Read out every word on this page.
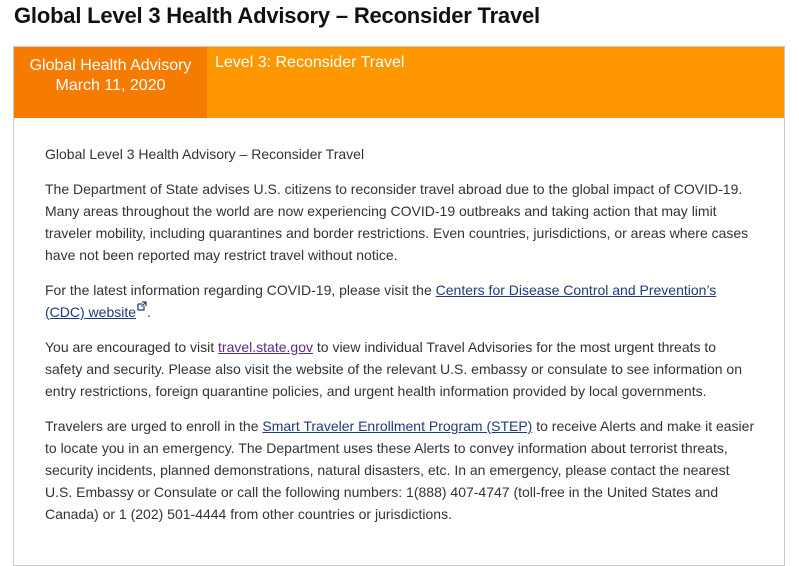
Global Level 3 Health Advisory – Reconsider Travel
Global Health Advisory
March 11, 2020
Level 3: Reconsider Travel

Global Level 3 Health Advisory – Reconsider Travel

The Department of State advises U.S. citizens to reconsider travel abroad due to the global impact of COVID-19. Many areas throughout the world are now experiencing COVID-19 outbreaks and taking action that may limit traveler mobility, including quarantines and border restrictions. Even countries, jurisdictions, or areas where cases have not been reported may restrict travel without notice.

For the latest information regarding COVID-19, please visit the Centers for Disease Control and Prevention’s (CDC) website .

You are encouraged to visit travel.state.gov to view individual Travel Advisories for the most urgent threats to safety and security. Please also visit the website of the relevant U.S. embassy or consulate to see information on entry restrictions, foreign quarantine policies, and urgent health information provided by local governments.

Travelers are urged to enroll in the Smart Traveler Enrollment Program (STEP) to receive Alerts and make it easier to locate you in an emergency. The Department uses these Alerts to convey information about terrorist threats, security incidents, planned demonstrations, natural disasters, etc. In an emergency, please contact the nearest U.S. Embassy or Consulate or call the following numbers: 1(888) 407-4747 (toll-free in the United States and Canada) or 1 (202) 501-4444 from other countries or jurisdictions.
